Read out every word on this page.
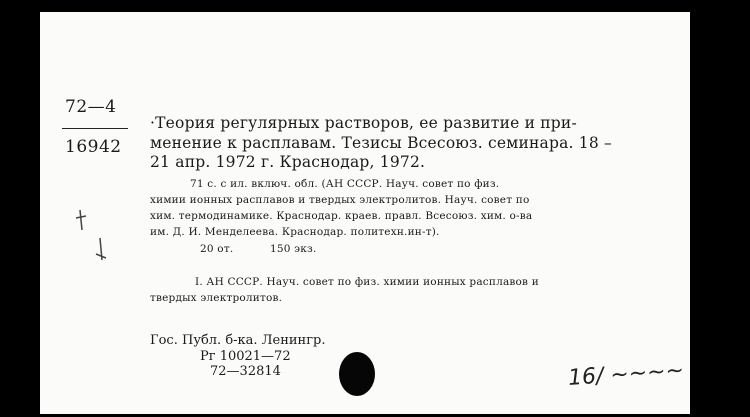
72—4
16942
·Теория регулярных растворов, ее развитие и при-
менение к расплавам. Тезисы Всесоюз. семинара. 18 –
21 апр. 1972 г. Краснодар, 1972.
71 с. с ил. включ. обл. (АН СССР. Науч. совет по физ.
химии ионных расплавов и твердых электролитов. Науч. совет по
хим. термодинамике. Краснодар. краев. правл. Всесоюз. хим. о-ва
им. Д. И. Менделеева. Краснодар. политехн.ин-т).
20 от.	150 экз.
I. АН СССР. Науч. совет по физ. химии ионных расплавов и
твердых электролитов.
Гос. Публ. б-ка. Ленингр.
Рг 10021—72
72—32814	16/ ~~~~
